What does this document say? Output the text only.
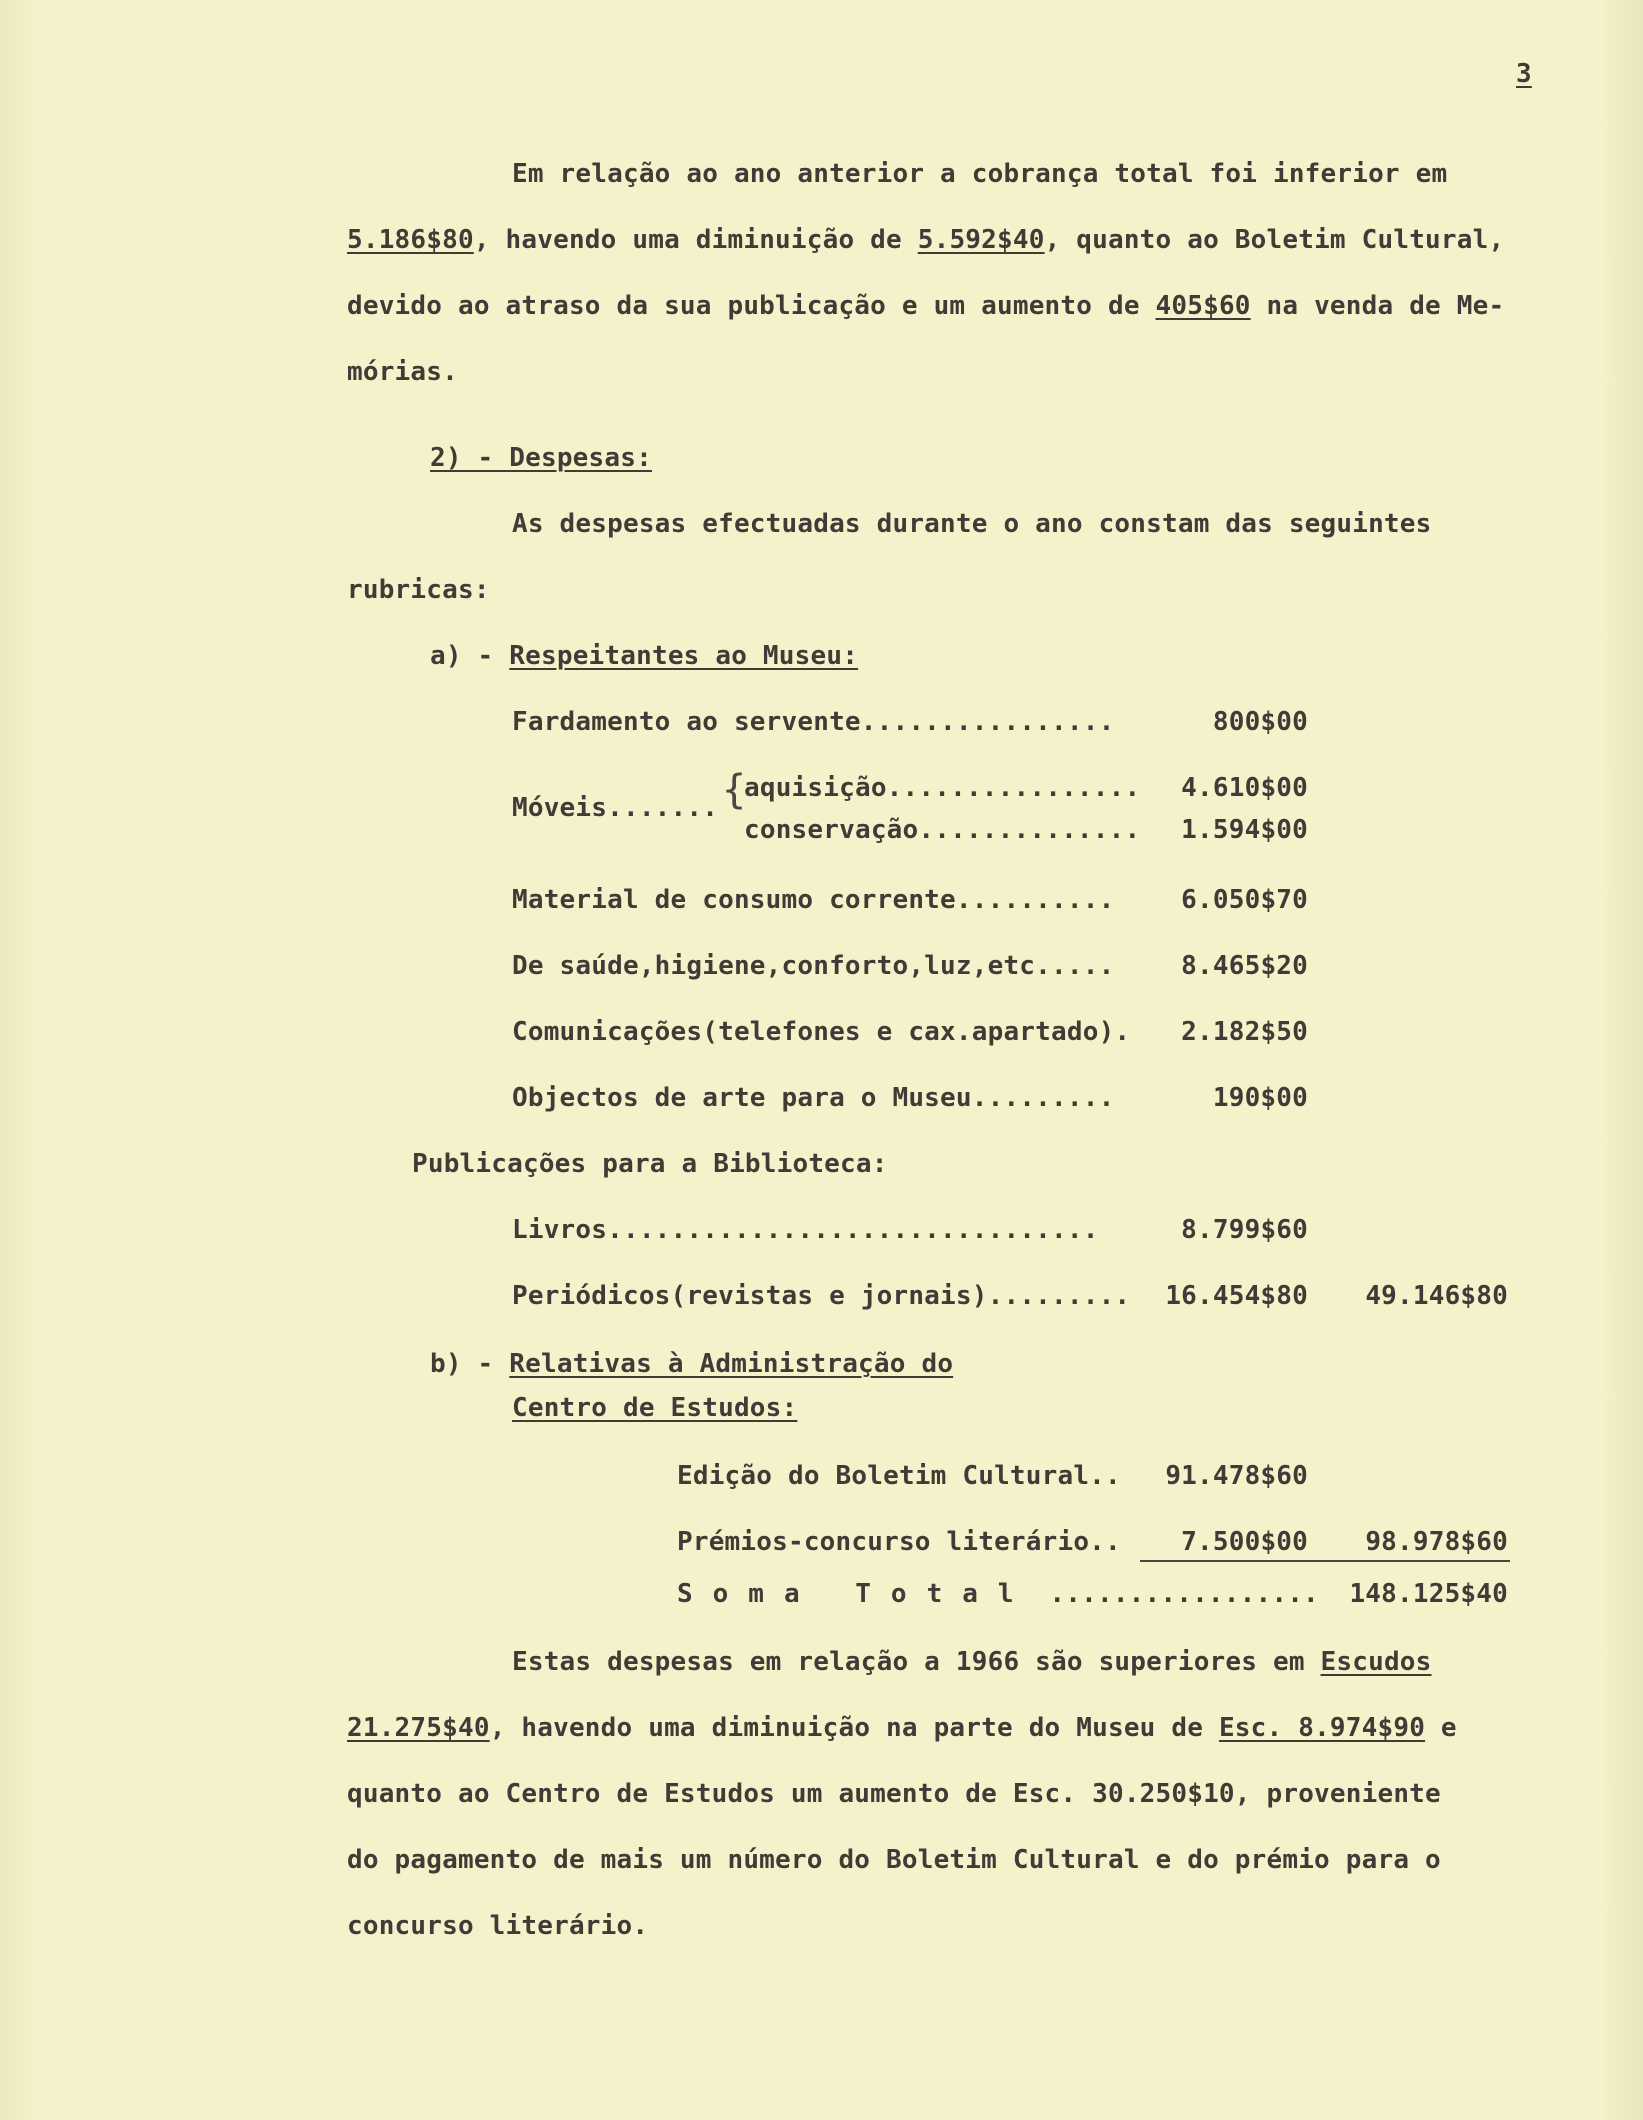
3
Em relação ao ano anterior a cobrança total foi inferior em
5.186$80, havendo uma diminuição de 5.592$40, quanto ao Boletim Cultural,
devido ao atraso da sua publicação e um aumento de 405$60 na venda de Me-
mórias.
2) - Despesas:
As despesas efectuadas durante o ano constam das seguintes
rubricas:
a) - Respeitantes ao Museu:
Fardamento ao servente................	800$00
Móveis....... {
aquisição................ 4.610$00
conservação.............. 1.594$00
Material de consumo corrente..........	6.050$70
De saúde,higiene,conforto,luz,etc.....	8.465$20
Comunicações(telefones e cax.apartado). 2.182$50
Objectos de arte para o Museu.........	190$00
Publicações para a Biblioteca:
Livros...............................	8.799$60
Periódicos(revistas e jornais)......... 16.454$80 49.146$80
b) - Relativas à Administração do
Centro de Estudos:
Edição do Boletim Cultural.. 91.478$60
Prémios-concurso literário.. 7.500$00 98.978$60
Soma Total ................. 148.125$40
Estas despesas em relação a 1966 são superiores em Escudos
21.275$40, havendo uma diminuição na parte do Museu de Esc. 8.974$90 e
quanto ao Centro de Estudos um aumento de Esc. 30.250$10, proveniente
do pagamento de mais um número do Boletim Cultural e do prémio para o
concurso literário.
